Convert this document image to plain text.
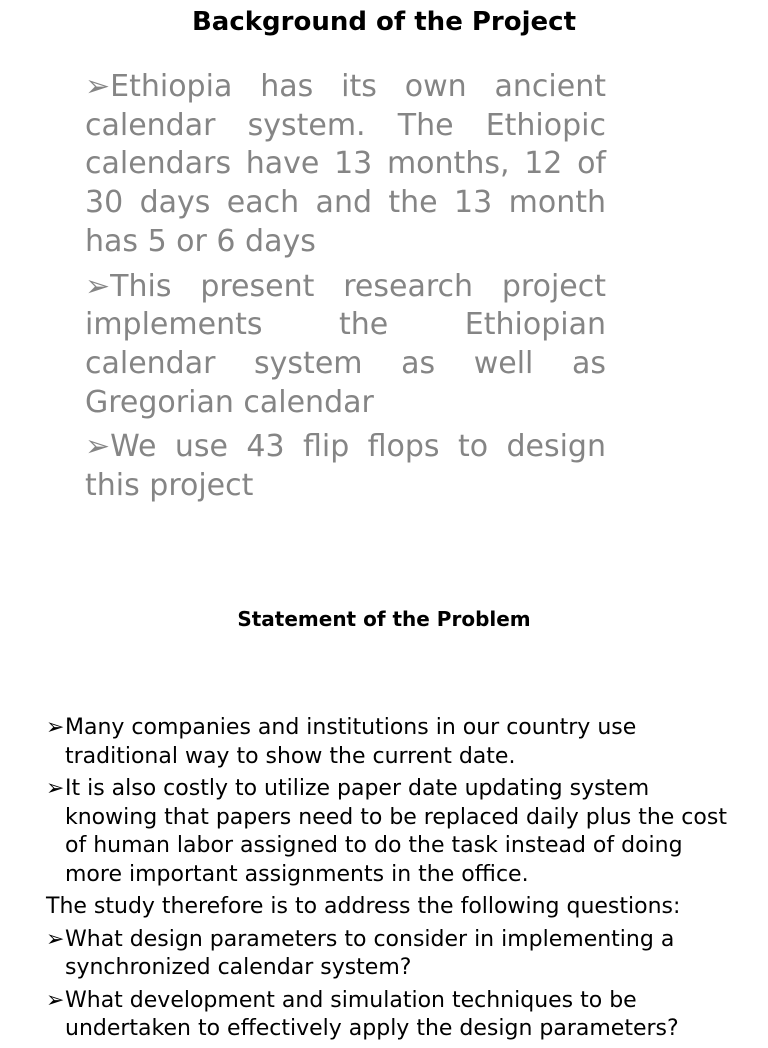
Background of the Project
➢Ethiopia has its own ancient calendar system. The Ethiopic calendars have 13 months, 12 of 30 days each and the 13 month has 5 or 6 days
➢This present research project implements the Ethiopian calendar system as well as Gregorian calendar
➢We use 43 flip flops to design this project
Statement of the Problem
➢Many companies and institutions in our country use traditional way to show the current date.
➢It is also costly to utilize paper date updating system knowing that papers need to be replaced daily plus the cost of human labor assigned to do the task instead of doing more important assignments in the office.
The study therefore is to address the following questions:
➢What design parameters to consider in implementing a synchronized calendar system?
➢What development and simulation techniques to be undertaken to effectively apply the design parameters?
